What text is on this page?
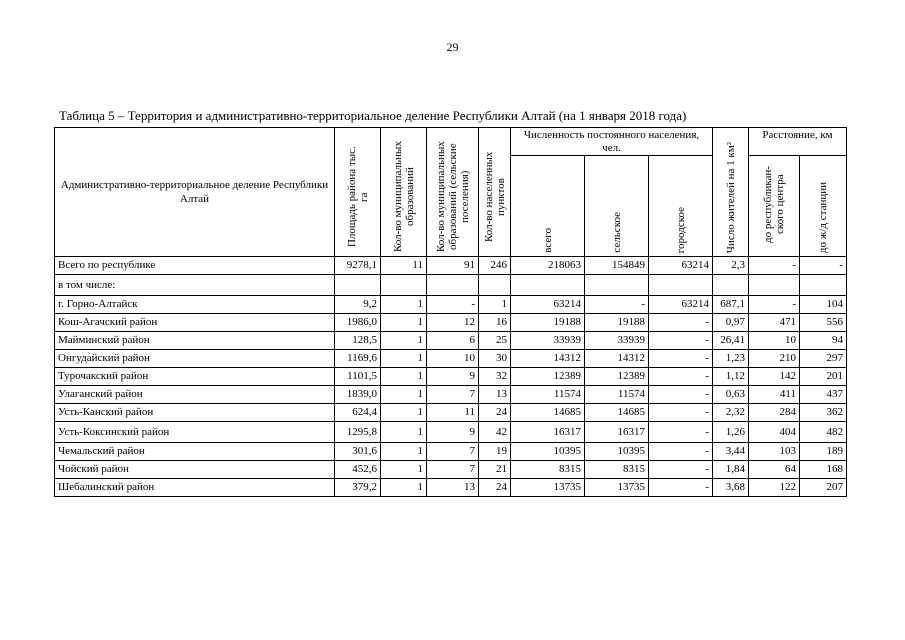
29
Таблица 5 – Территория и административно-территориальное деление Республики Алтай (на 1 января 2018 года)
Административно-территориальное деление Республики Алтай	Площадь района тыс. га	Кол-во муниципальных образований	Кол-во муниципальных образований (сельские поселения)	Кол-во населенных пунктов	Численность постоянного населения, чел.			Число жителей на 1 км²	Расстояние, км	

					всего	сельское	городское		до республикан-ского центра	до ж/д станции

Всего по республике	9278,1	11	91	246	218063	154849	63214	2,3	-	-
в том числе:										
г. Горно-Алтайск	9,2	1	-	1	63214	-	63214	687,1	-	104
Кош-Агачский район	1986,0	1	12	16	19188	19188	-	0,97	471	556
Майминский район	128,5	1	6	25	33939	33939	-	26,41	10	94
Онгудайский район	1169,6	1	10	30	14312	14312	-	1,23	210	297
Турочакский район	1101,5	1	9	32	12389	12389	-	1,12	142	201
Улаганский район	1839,0	1	7	13	11574	11574	-	0,63	411	437
Усть-Канский район	624,4	1	11	24	14685	14685	-	2,32	284	362
Усть-Коксинский район	1295,8	1	9	42	16317	16317	-	1,26	404	482
Чемальский район	301,6	1	7	19	10395	10395	-	3,44	103	189
Чойский район	452,6	1	7	21	8315	8315	-	1,84	64	168
Шебалинский район	379,2	1	13	24	13735	13735	-	3,68	122	207
